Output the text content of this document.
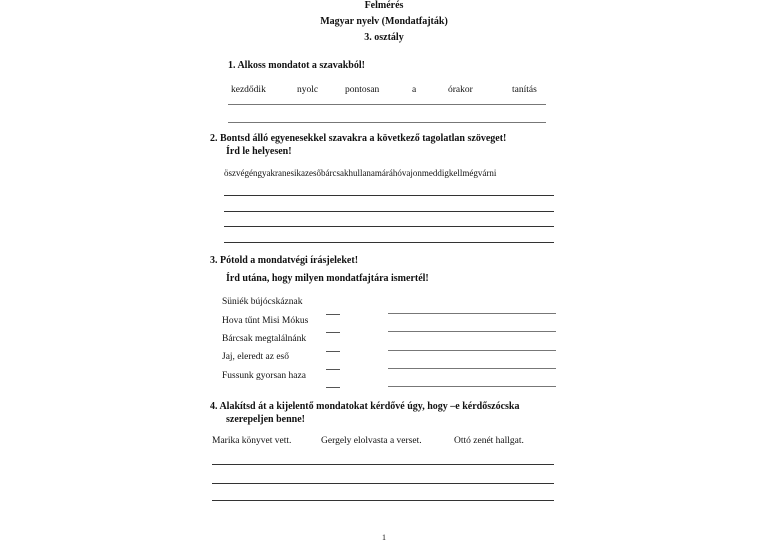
Felmérés
Magyar nyelv (Mondatfajták)
3. osztály
1. Alkoss mondatot a szavakból!
kezdődik	nyolc	pontosan	a	órakor	tanítás
2. Bontsd álló egyenesekkel szavakra a következő tagolatlan szöveget!
Írd le helyesen!
öszvégéngyakranesikazesőbárcsakhullanamáráhóvajonmeddigkellmégvárni
3. Pótold a mondatvégi írásjeleket!
Írd utána, hogy milyen mondatfajtára ismertél!
Süniék bújócskáznak
Hova tűnt Misi Mókus
Bárcsak megtalálnánk
Jaj, eleredt az eső
Fussunk gyorsan haza
4. Alakítsd át a kijelentő mondatokat kérdővé úgy, hogy –e kérdőszócska
szerepeljen benne!
Marika könyvet vett.	Gergely elolvasta a verset.	Ottó zenét hallgat.
1
